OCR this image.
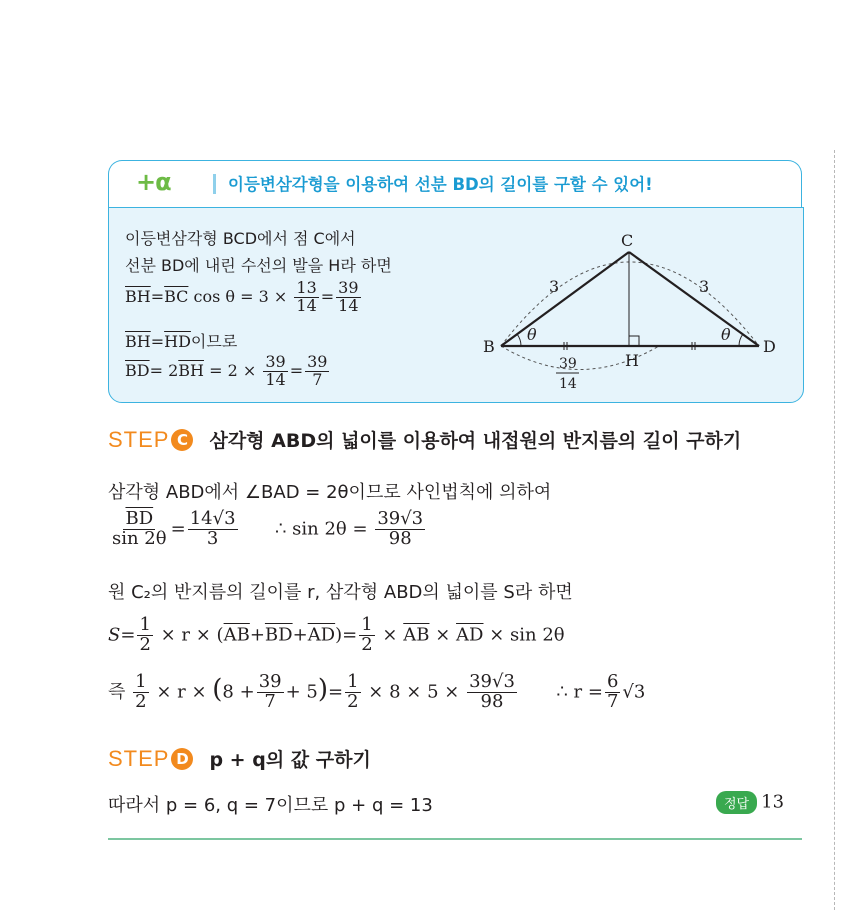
+α	이등변삼각형을 이용하여 선분 BD의 길이를 구할 수 있어!
이등변삼각형 BCD에서 점 C에서
선분 BD에 내린 수선의 발을 H라 하면
$\overline{BH}=\overline{BC}$ $\cos \theta = 3 \times \frac{13}{14} = \frac{39}{14}$
$\overline{BH}=\overline{HD}$이므로
$\overline{BD}= 2\overline{BH} = 2 \times \frac{39}{14} = \frac{39}{7}$
C
B	D
H
3	3
θ	θ
39
14
STEP C 삼각형 ABD의 넓이를 이용하여 내접원의 반지름의 길이 구하기
삼각형 ABD에서 ∠BAD = 2θ이므로 사인법칙에 의하여
$\frac{\overline{BD}}{\sin 2\theta} = \frac{14√3}{3}$ ∴ $\sin 2\theta = \frac{39√3}{98}$
원 C₂의 반지름의 길이를 r, 삼각형 ABD의 넓이를 S라 하면
$S= \frac{1}{2} \times r \times (\overline{AB}+\overline{BD}+\overline{AD})= \frac{1}{2} \times \overline{AB} \times \overline{AD} \times \sin 2\theta$
즉 $\frac{1}{2} \times r \times (8 + \frac{39}{7} + 5)= \frac{1}{2} \times 8 \times 5 \times \frac{39√3}{98}$ ∴ $r = \frac{6}{7} √3$
STEP D p + q의 값 구하기
따라서 p = 6, q = 7이므로 p + q = 13	정답 13
